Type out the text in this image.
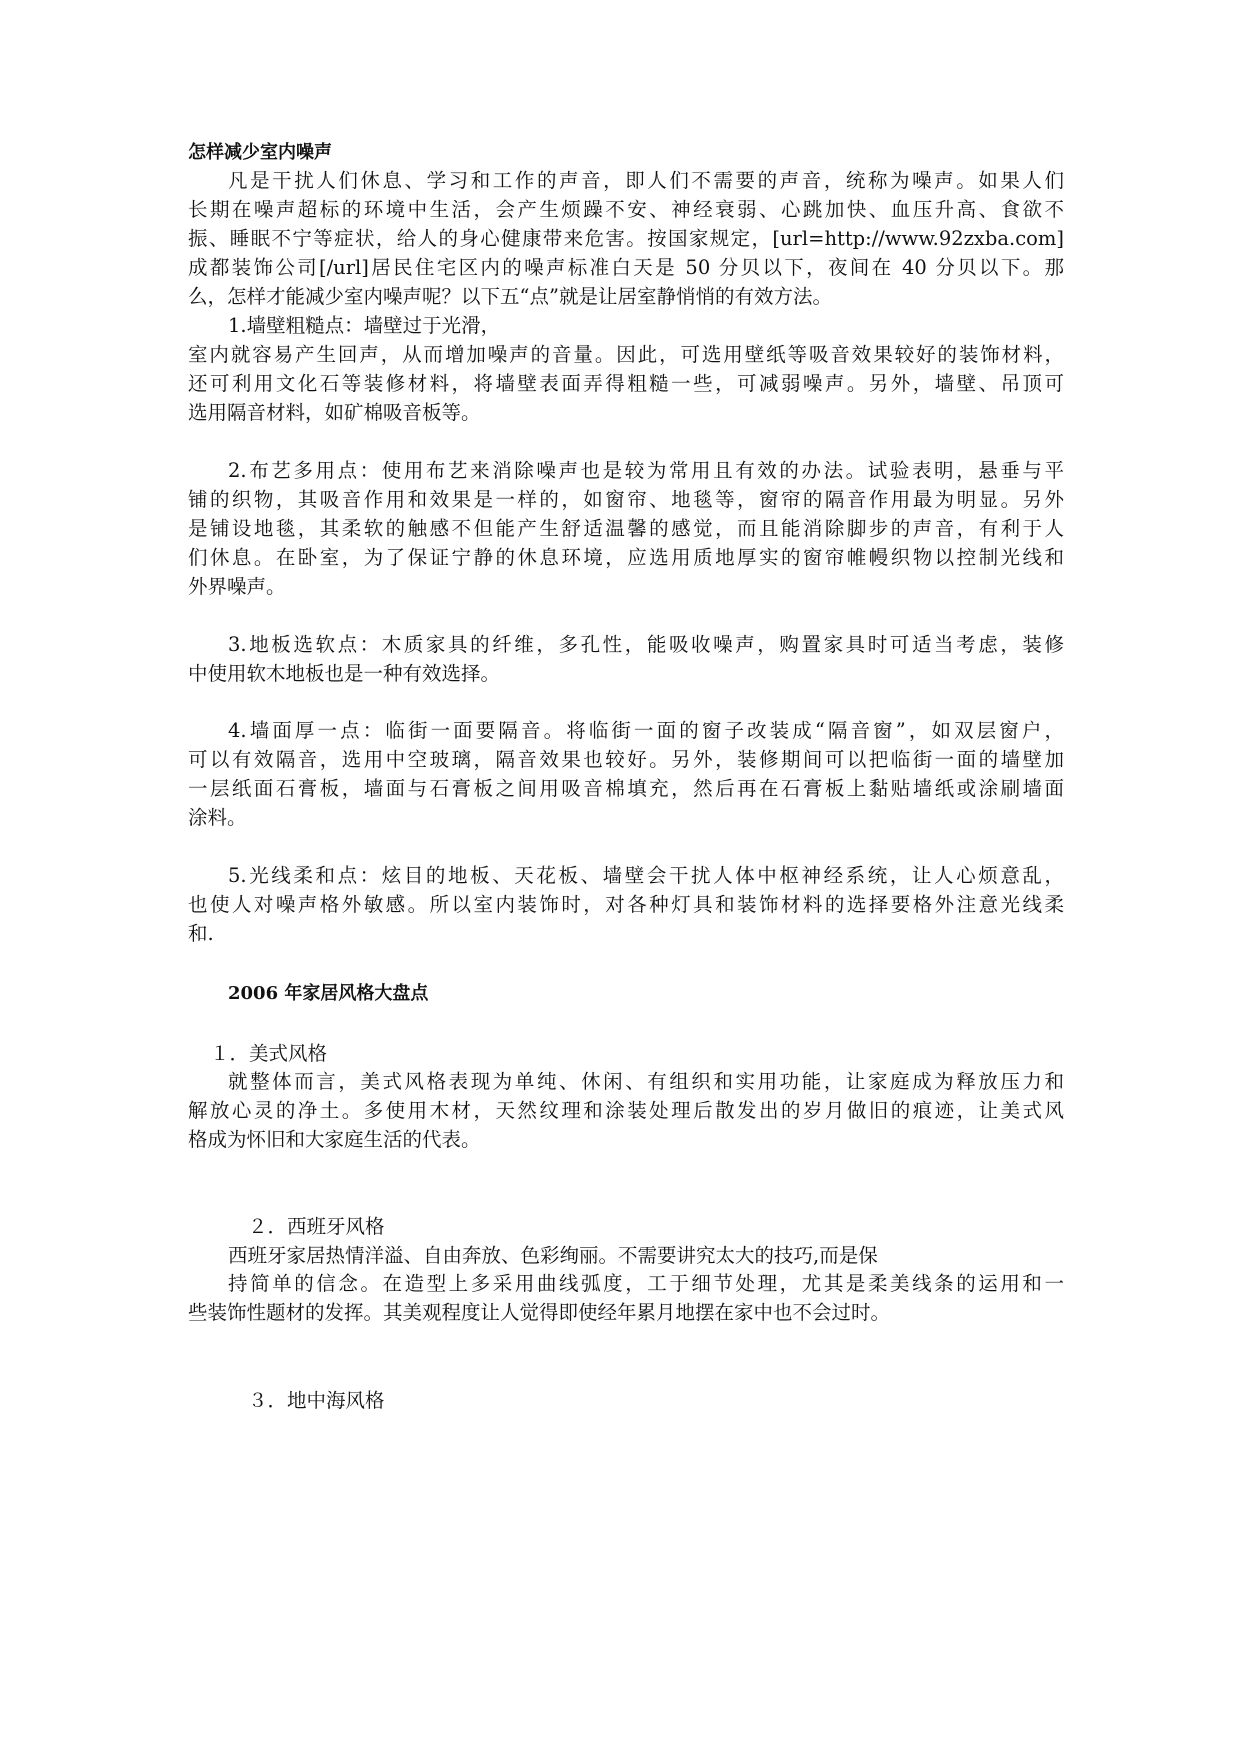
怎样减少室内噪声
凡是干扰人们休息、学习和工作的声音，即人们不需要的声音，统称为噪声。如果人们
长期在噪声超标的环境中生活，会产生烦躁不安、神经衰弱、心跳加快、血压升高、食欲不
振、睡眠不宁等症状，给人的身心健康带来危害。按国家规定，[url=http://www.92zxba.com]
成都装饰公司[/url]居民住宅区内的噪声标准白天是 50 分贝以下，夜间在 40 分贝以下。那
么，怎样才能减少室内噪声呢？以下五“点”就是让居室静悄悄的有效方法。
1.墙壁粗糙点：墙壁过于光滑，
室内就容易产生回声，从而增加噪声的音量。因此，可选用壁纸等吸音效果较好的装饰材料，
还可利用文化石等装修材料，将墙壁表面弄得粗糙一些，可减弱噪声。另外，墙壁、吊顶可
选用隔音材料，如矿棉吸音板等。
2.布艺多用点：使用布艺来消除噪声也是较为常用且有效的办法。试验表明，悬垂与平
铺的织物，其吸音作用和效果是一样的，如窗帘、地毯等，窗帘的隔音作用最为明显。另外
是铺设地毯，其柔软的触感不但能产生舒适温馨的感觉，而且能消除脚步的声音，有利于人
们休息。在卧室，为了保证宁静的休息环境，应选用质地厚实的窗帘帷幔织物以控制光线和
外界噪声。
3.地板选软点：木质家具的纤维，多孔性，能吸收噪声，购置家具时可适当考虑，装修
中使用软木地板也是一种有效选择。
4.墙面厚一点：临街一面要隔音。将临街一面的窗子改装成“隔音窗”，如双层窗户，
可以有效隔音，选用中空玻璃，隔音效果也较好。另外，装修期间可以把临街一面的墙壁加
一层纸面石膏板，墙面与石膏板之间用吸音棉填充，然后再在石膏板上黏贴墙纸或涂刷墙面
涂料。
5.光线柔和点：炫目的地板、天花板、墙壁会干扰人体中枢神经系统，让人心烦意乱，
也使人对噪声格外敏感。所以室内装饰时，对各种灯具和装饰材料的选择要格外注意光线柔
和.
2006 年家居风格大盘点
１．美式风格
就整体而言，美式风格表现为单纯、休闲、有组织和实用功能，让家庭成为释放压力和
解放心灵的净土。多使用木材，天然纹理和涂装处理后散发出的岁月做旧的痕迹，让美式风
格成为怀旧和大家庭生活的代表。
２．西班牙风格
西班牙家居热情洋溢、自由奔放、色彩绚丽。不需要讲究太大的技巧,而是保
持简单的信念。在造型上多采用曲线弧度，工于细节处理，尤其是柔美线条的运用和一
些装饰性题材的发挥。其美观程度让人觉得即使经年累月地摆在家中也不会过时。
３．地中海风格
